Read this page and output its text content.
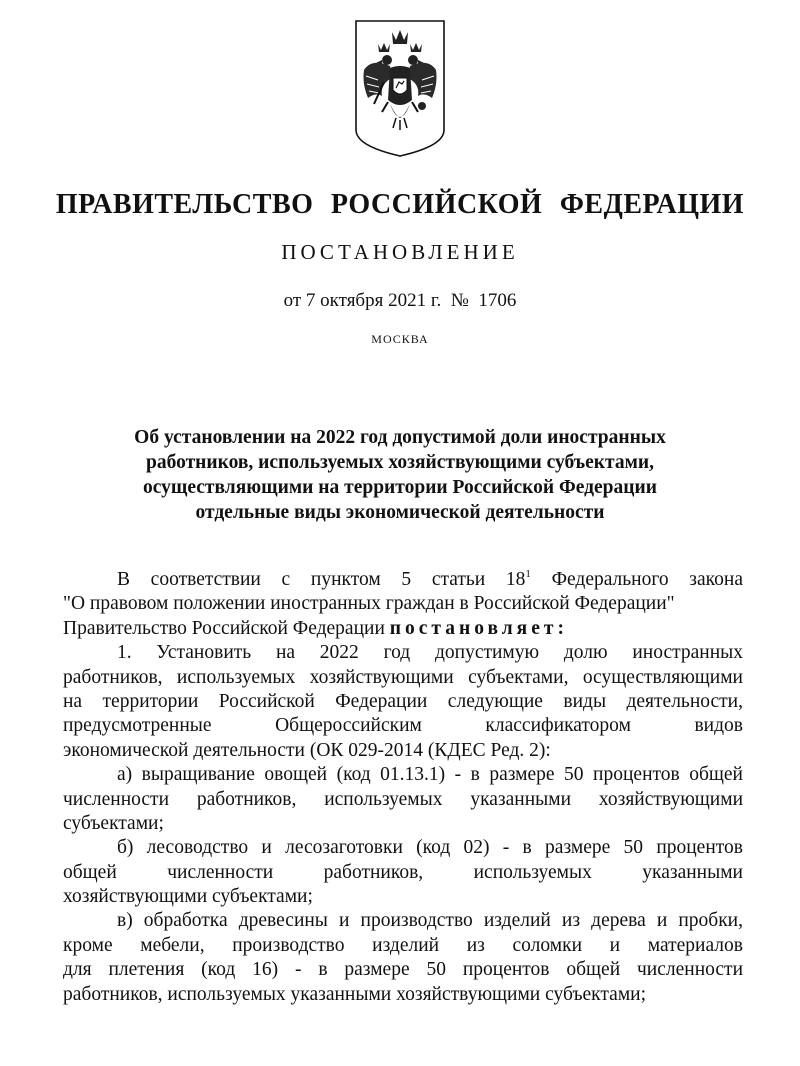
ПРАВИТЕЛЬСТВО РОССИЙСКОЙ ФЕДЕРАЦИИ
ПОСТАНОВЛЕНИЕ
от 7 октября 2021 г. № 1706
МОСКВА
Об установлении на 2022 год допустимой доли иностранных
работников, используемых хозяйствующими субъектами,
осуществляющими на территории Российской Федерации
отдельные виды экономической деятельности
В соответствии с пунктом 5 статьи $18^1$ Федерального закона
"О правовом положении иностранных граждан в Российской Федерации"
Правительство Российской Федерации постановляет:
1. Установить на 2022 год допустимую долю иностранных
работников, используемых хозяйствующими субъектами, осуществляющими
на территории Российской Федерации следующие виды деятельности,
предусмотренные Общероссийским классификатором видов
экономической деятельности (ОК 029-2014 (КДЕС Ред. 2):
а) выращивание овощей (код 01.13.1) - в размере 50 процентов общей
численности работников, используемых указанными хозяйствующими
субъектами;
б) лесоводство и лесозаготовки (код 02) - в размере 50 процентов
общей численности работников, используемых указанными
хозяйствующими субъектами;
в) обработка древесины и производство изделий из дерева и пробки,
кроме мебели, производство изделий из соломки и материалов
для плетения (код 16) - в размере 50 процентов общей численности
работников, используемых указанными хозяйствующими субъектами;
